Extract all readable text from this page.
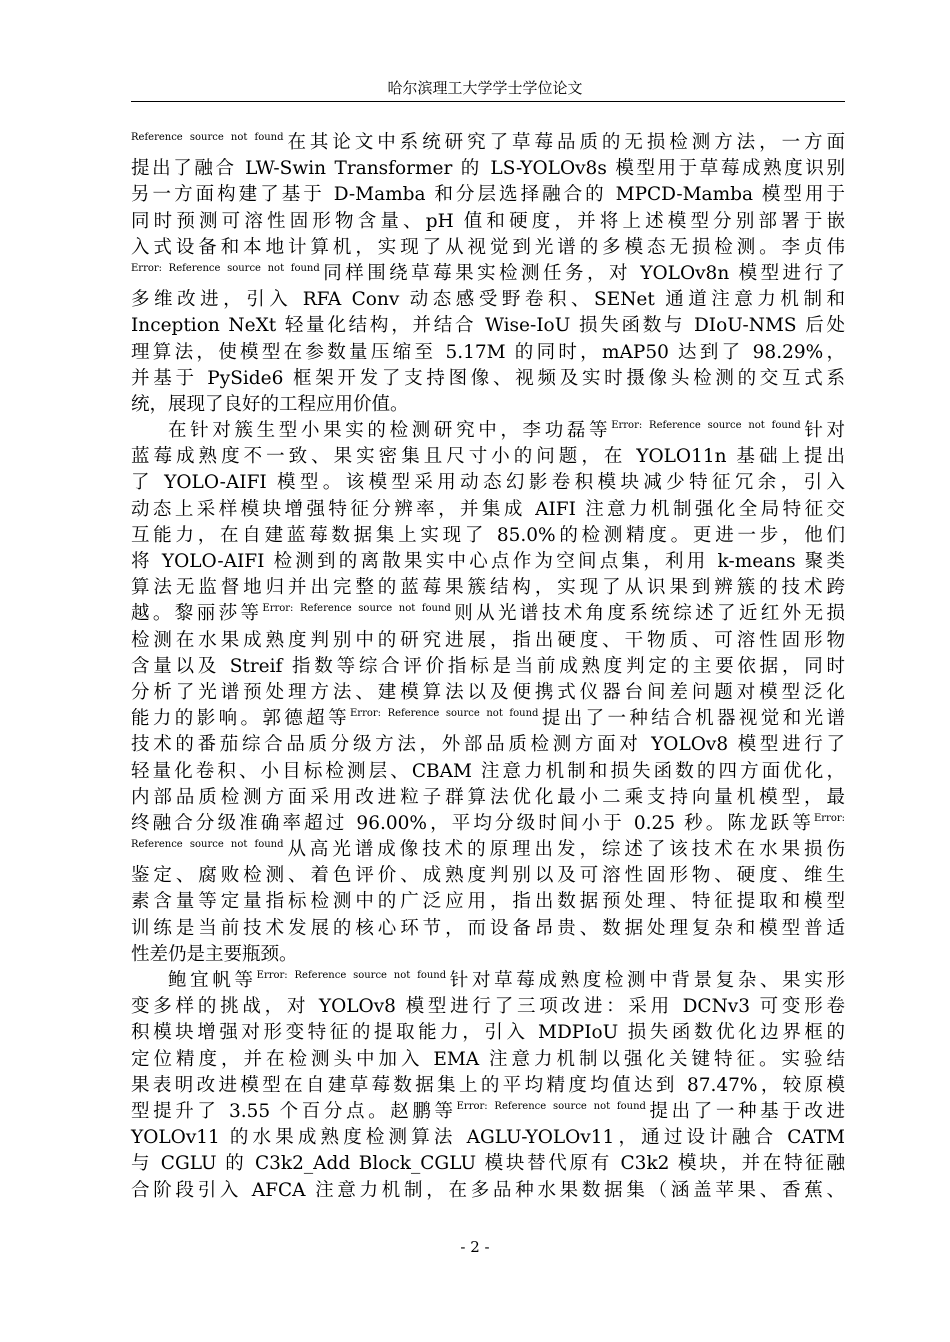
哈尔滨理工大学学士学位论文
$^{Reference source not found}$在其论文中系统研究了草莓品质的无损检测方法，一方面
提出了融合 LW-Swin Transformer 的 LS-YOLOv8s 模型用于草莓成熟度识别
另一方面构建了基于 D-Mamba 和分层选择融合的 MPCD-Mamba 模型用于
同时预测可溶性固形物含量、pH 值和硬度，并将上述模型分别部署于嵌
入式设备和本地计算机，实现了从视觉到光谱的多模态无损检测。李贞伟
$^{Error: Reference source not found}$同样围绕草莓果实检测任务，对 YOLOv8n 模型进行了
多维改进，引入 RFA Conv 动态感受野卷积、SENet 通道注意力机制和
Inception NeXt 轻量化结构，并结合 Wise-IoU 损失函数与 DIoU-NMS 后处
理算法，使模型在参数量压缩至 5.17M 的同时，mAP50 达到了 98.29%，
并基于 PySide6 框架开发了支持图像、视频及实时摄像头检测的交互式系
统，展现了良好的工程应用价值。
在针对簇生型小果实的检测研究中，李功磊等$^{Error: Reference source not found}$针对
蓝莓成熟度不一致、果实密集且尺寸小的问题，在 YOLO11n 基础上提出
了 YOLO-AIFI 模型。该模型采用动态幻影卷积模块减少特征冗余，引入
动态上采样模块增强特征分辨率，并集成 AIFI 注意力机制强化全局特征交
互能力，在自建蓝莓数据集上实现了 85.0%的检测精度。更进一步，他们
将 YOLO-AIFI 检测到的离散果实中心点作为空间点集，利用 k-means 聚类
算法无监督地归并出完整的蓝莓果簇结构，实现了从识果到辨簇的技术跨
越。黎丽莎等$^{Error: Reference source not found}$则从光谱技术角度系统综述了近红外无损
检测在水果成熟度判别中的研究进展，指出硬度、干物质、可溶性固形物
含量以及 Streif 指数等综合评价指标是当前成熟度判定的主要依据，同时
分析了光谱预处理方法、建模算法以及便携式仪器台间差问题对模型泛化
能力的影响。郭德超等$^{Error: Reference source not found}$提出了一种结合机器视觉和光谱
技术的番茄综合品质分级方法，外部品质检测方面对 YOLOv8 模型进行了
轻量化卷积、小目标检测层、CBAM 注意力机制和损失函数的四方面优化，
内部品质检测方面采用改进粒子群算法优化最小二乘支持向量机模型，最
终融合分级准确率超过 96.00%，平均分级时间小于 0.25 秒。陈龙跃等$^{Error:}$
$^{Reference source not found}$从高光谱成像技术的原理出发，综述了该技术在水果损伤
鉴定、腐败检测、着色评价、成熟度判别以及可溶性固形物、硬度、维生
素含量等定量指标检测中的广泛应用，指出数据预处理、特征提取和模型
训练是当前技术发展的核心环节，而设备昂贵、数据处理复杂和模型普适
性差仍是主要瓶颈。
鲍宜帆等$^{Error: Reference source not found}$针对草莓成熟度检测中背景复杂、果实形
变多样的挑战，对 YOLOv8 模型进行了三项改进：采用 DCNv3 可变形卷
积模块增强对形变特征的提取能力，引入 MDPIoU 损失函数优化边界框的
定位精度，并在检测头中加入 EMA 注意力机制以强化关键特征。实验结
果表明改进模型在自建草莓数据集上的平均精度均值达到 87.47%，较原模
型提升了 3.55 个百分点。赵鹏等$^{Error: Reference source not found}$提出了一种基于改进
YOLOv11 的水果成熟度检测算法 AGLU-YOLOv11，通过设计融合 CATM
与 CGLU 的 C3k2_Add Block_CGLU 模块替代原有 C3k2 模块，并在特征融
合阶段引入 AFCA 注意力机制，在多品种水果数据集（涵盖苹果、香蕉、
- 2 -
